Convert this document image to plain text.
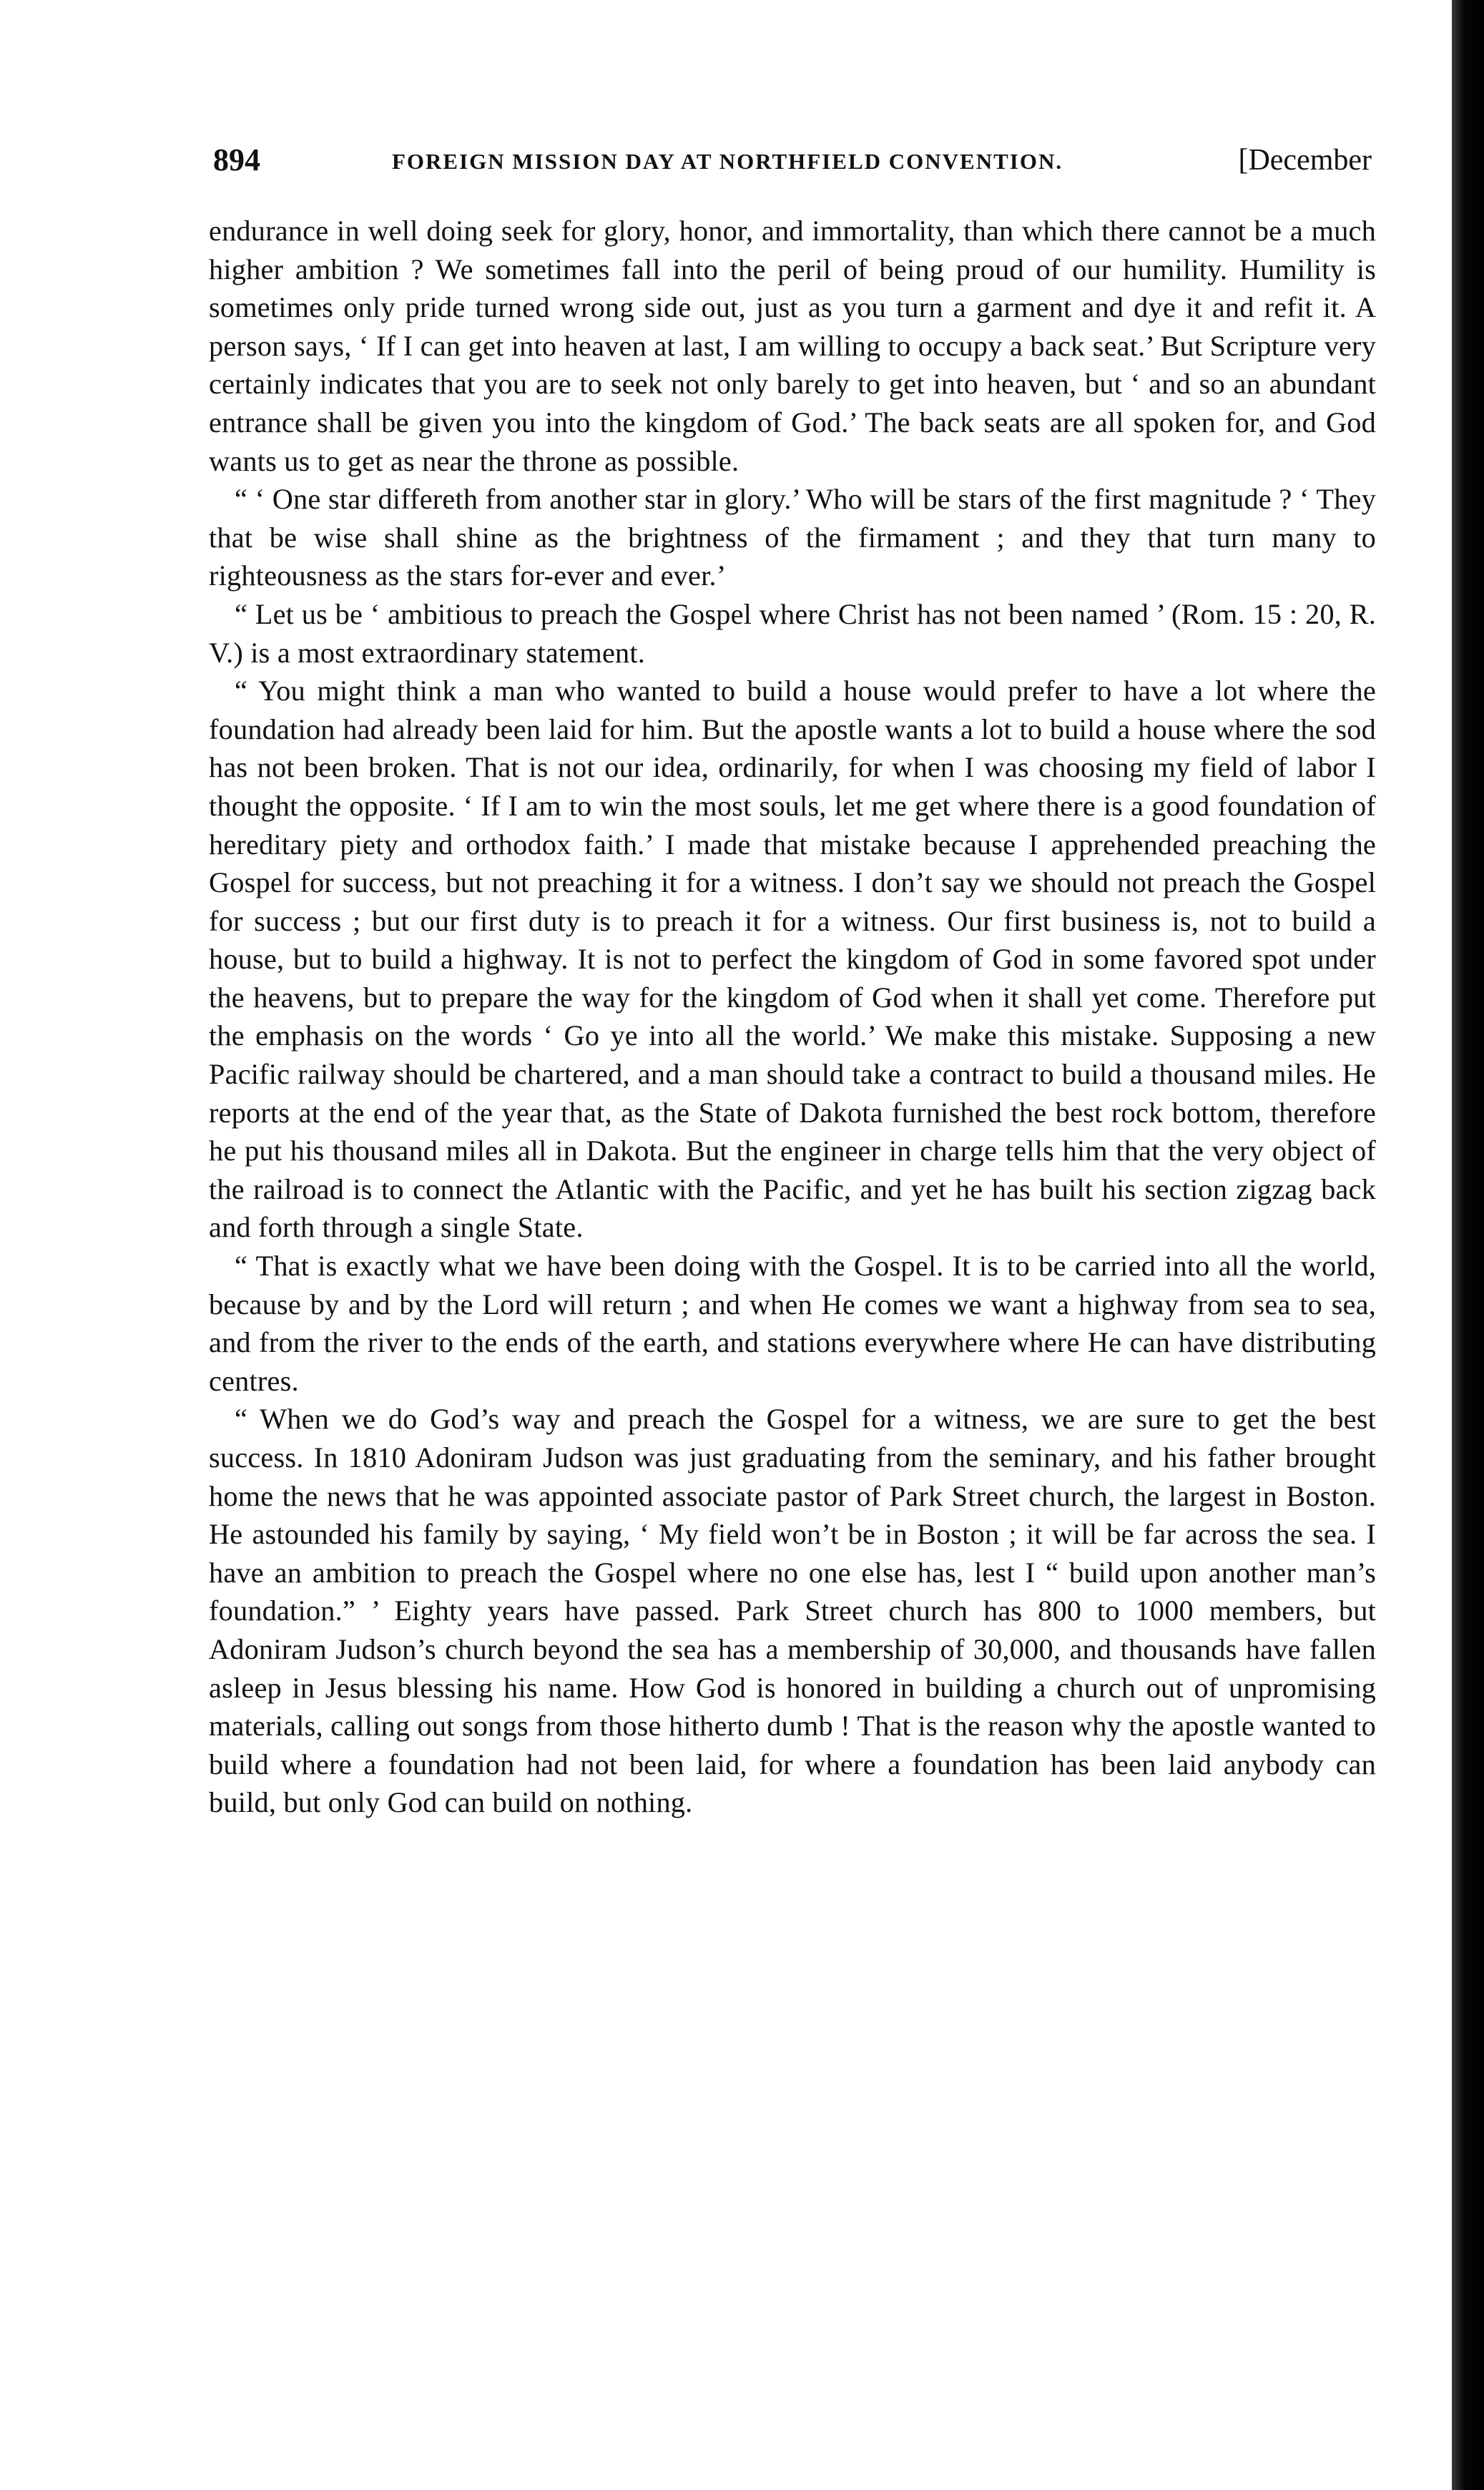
894	FOREIGN MISSION DAY AT NORTHFIELD CONVENTION.	[December

endurance in well doing seek for glory, honor, and immortality, than which there cannot be a much higher ambition ? We sometimes fall into the peril of being proud of our humility. Humility is sometimes only pride turned wrong side out, just as you turn a garment and dye it and refit it. A person says, ‘ If I can get into heaven at last, I am willing to occupy a back seat.’ But Scripture very certainly indicates that you are to seek not only barely to get into heaven, but ‘ and so an abundant entrance shall be given you into the kingdom of God.’ The back seats are all spoken for, and God wants us to get as near the throne as possible.

“ ‘ One star differeth from another star in glory.’ Who will be stars of the first magnitude ? ‘ They that be wise shall shine as the brightness of the firmament ; and they that turn many to righteousness as the stars for-ever and ever.’

“ Let us be ‘ ambitious to preach the Gospel where Christ has not been named ’ (Rom. 15 : 20, R. V.) is a most extraordinary statement.

“ You might think a man who wanted to build a house would prefer to have a lot where the foundation had already been laid for him. But the apostle wants a lot to build a house where the sod has not been broken. That is not our idea, ordinarily, for when I was choosing my field of labor I thought the opposite. ‘ If I am to win the most souls, let me get where there is a good foundation of hereditary piety and orthodox faith.’ I made that mistake because I apprehended preaching the Gospel for success, but not preaching it for a witness. I don’t say we should not preach the Gospel for success ; but our first duty is to preach it for a witness. Our first business is, not to build a house, but to build a highway. It is not to perfect the kingdom of God in some favored spot under the heavens, but to prepare the way for the kingdom of God when it shall yet come. Therefore put the emphasis on the words ‘ Go ye into all the world.’ We make this mistake. Supposing a new Pacific railway should be chartered, and a man should take a contract to build a thousand miles. He reports at the end of the year that, as the State of Dakota furnished the best rock bottom, therefore he put his thousand miles all in Dakota. But the engineer in charge tells him that the very object of the railroad is to connect the Atlantic with the Pacific, and yet he has built his section zigzag back and forth through a single State.

“ That is exactly what we have been doing with the Gospel. It is to be carried into all the world, because by and by the Lord will return ; and when He comes we want a highway from sea to sea, and from the river to the ends of the earth, and stations everywhere where He can have distributing centres.

“ When we do God’s way and preach the Gospel for a witness, we are sure to get the best success. In 1810 Adoniram Judson was just graduating from the seminary, and his father brought home the news that he was appointed associate pastor of Park Street church, the largest in Boston. He astounded his family by saying, ‘ My field won’t be in Boston ; it will be far across the sea. I have an ambition to preach the Gospel where no one else has, lest I “ build upon another man’s foundation.” ’ Eighty years have passed. Park Street church has 800 to 1000 members, but Adoniram Judson’s church beyond the sea has a membership of 30,000, and thousands have fallen asleep in Jesus blessing his name. How God is honored in building a church out of unpromising materials, calling out songs from those hitherto dumb ! That is the reason why the apostle wanted to build where a foundation had not been laid, for where a foundation has been laid anybody can build, but only God can build on nothing.
